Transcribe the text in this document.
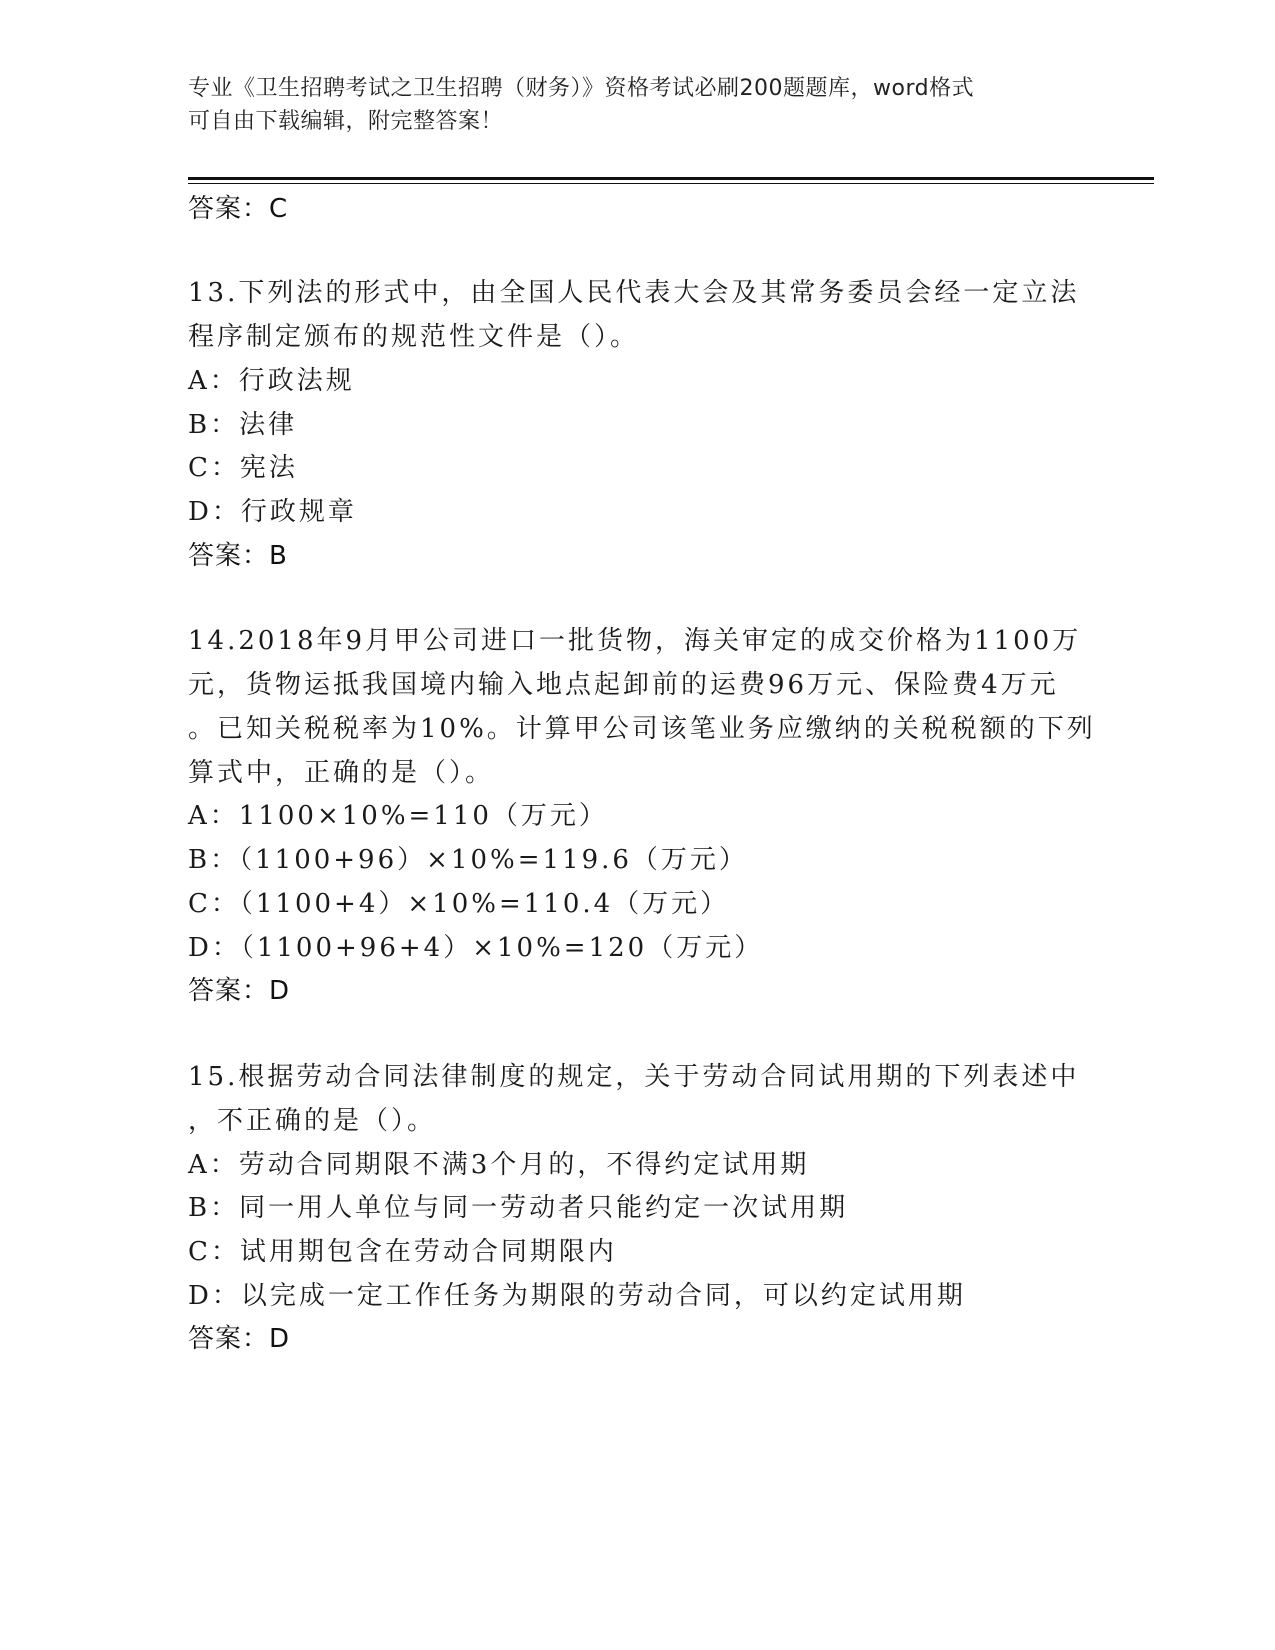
专业《卫生招聘考试之卫生招聘（财务）》资格考试必刷200题题库，word格式
可自由下载编辑，附完整答案！
答案：C
13.下列法的形式中，由全国人民代表大会及其常务委员会经一定立法
程序制定颁布的规范性文件是（）。
A：行政法规
B：法律
C：宪法
D：行政规章
答案：B
14.2018年9月甲公司进口一批货物，海关审定的成交价格为1100万
元，货物运抵我国境内输入地点起卸前的运费96万元、保险费4万元
。已知关税税率为10%。计算甲公司该笔业务应缴纳的关税税额的下列
算式中，正确的是（）。
A：1100×10%=110（万元）
B：（1100+96）×10%=119.6（万元）
C：（1100+4）×10%=110.4（万元）
D：（1100+96+4）×10%=120（万元）
答案：D
15.根据劳动合同法律制度的规定，关于劳动合同试用期的下列表述中
，不正确的是（）。
A：劳动合同期限不满3个月的，不得约定试用期
B：同一用人单位与同一劳动者只能约定一次试用期
C：试用期包含在劳动合同期限内
D：以完成一定工作任务为期限的劳动合同，可以约定试用期
答案：D
